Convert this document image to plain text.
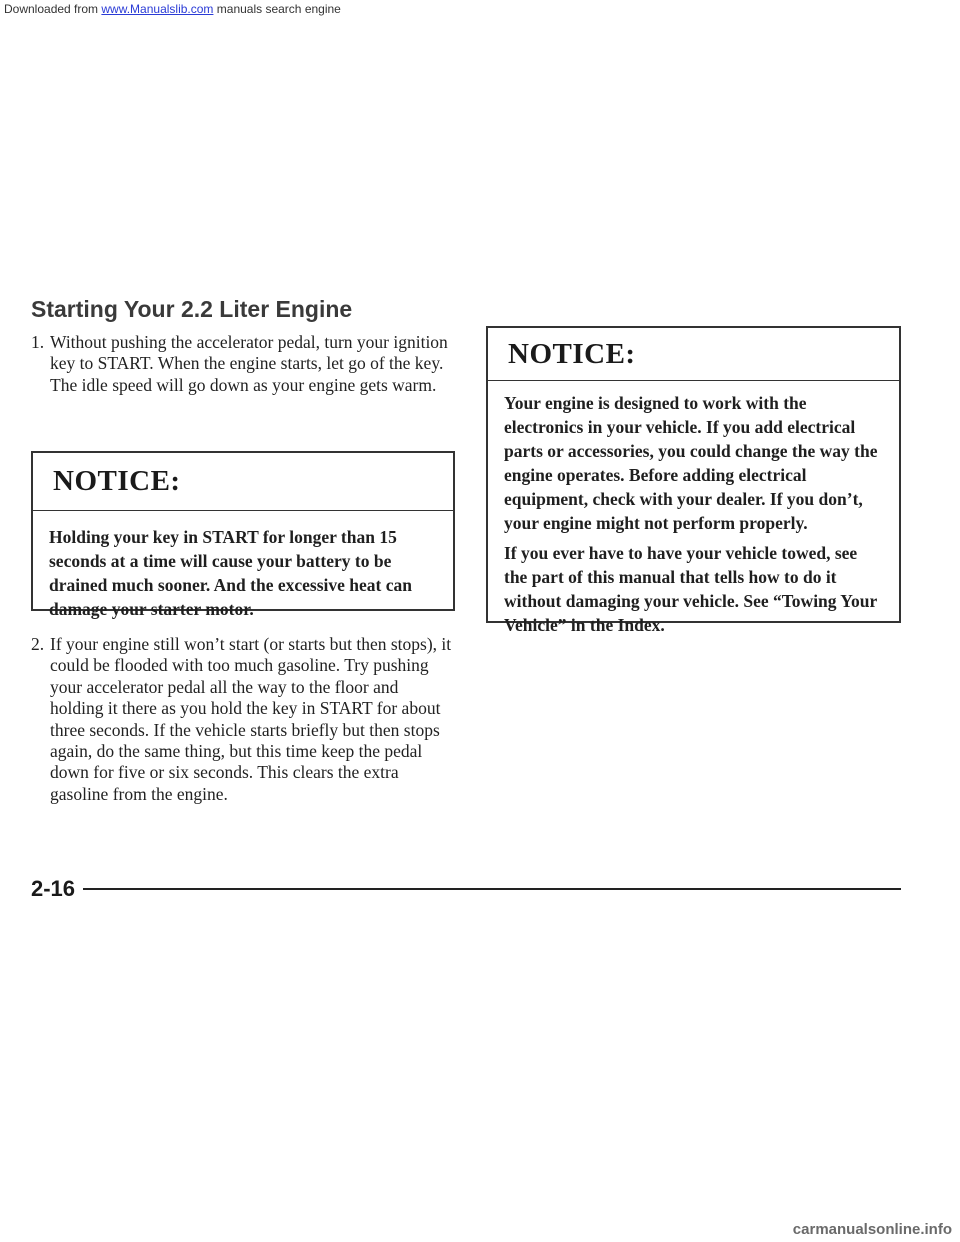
Downloaded from www.Manualslib.com manuals search engine
Starting Your 2.2 Liter Engine
1. Without pushing the accelerator pedal, turn your ignition key to START. When the engine starts, let go of the key. The idle speed will go down as your engine gets warm.
NOTICE:

Holding your key in START for longer than 15 seconds at a time will cause your battery to be drained much sooner. And the excessive heat can damage your starter motor.

2. If your engine still won’t start (or starts but then stops), it could be flooded with too much gasoline. Try pushing your accelerator pedal all the way to the floor and holding it there as you hold the key in START for about three seconds. If the vehicle starts briefly but then stops again, do the same thing, but this time keep the pedal down for five or six seconds. This clears the extra gasoline from the engine.
NOTICE:

Your engine is designed to work with the electronics in your vehicle. If you add electrical parts or accessories, you could change the way the engine operates. Before adding electrical equipment, check with your dealer. If you don’t, your engine might not perform properly.

If you ever have to have your vehicle towed, see the part of this manual that tells how to do it without damaging your vehicle. See “Towing Your Vehicle” in the Index.

2-16
carmanualsonline.info
